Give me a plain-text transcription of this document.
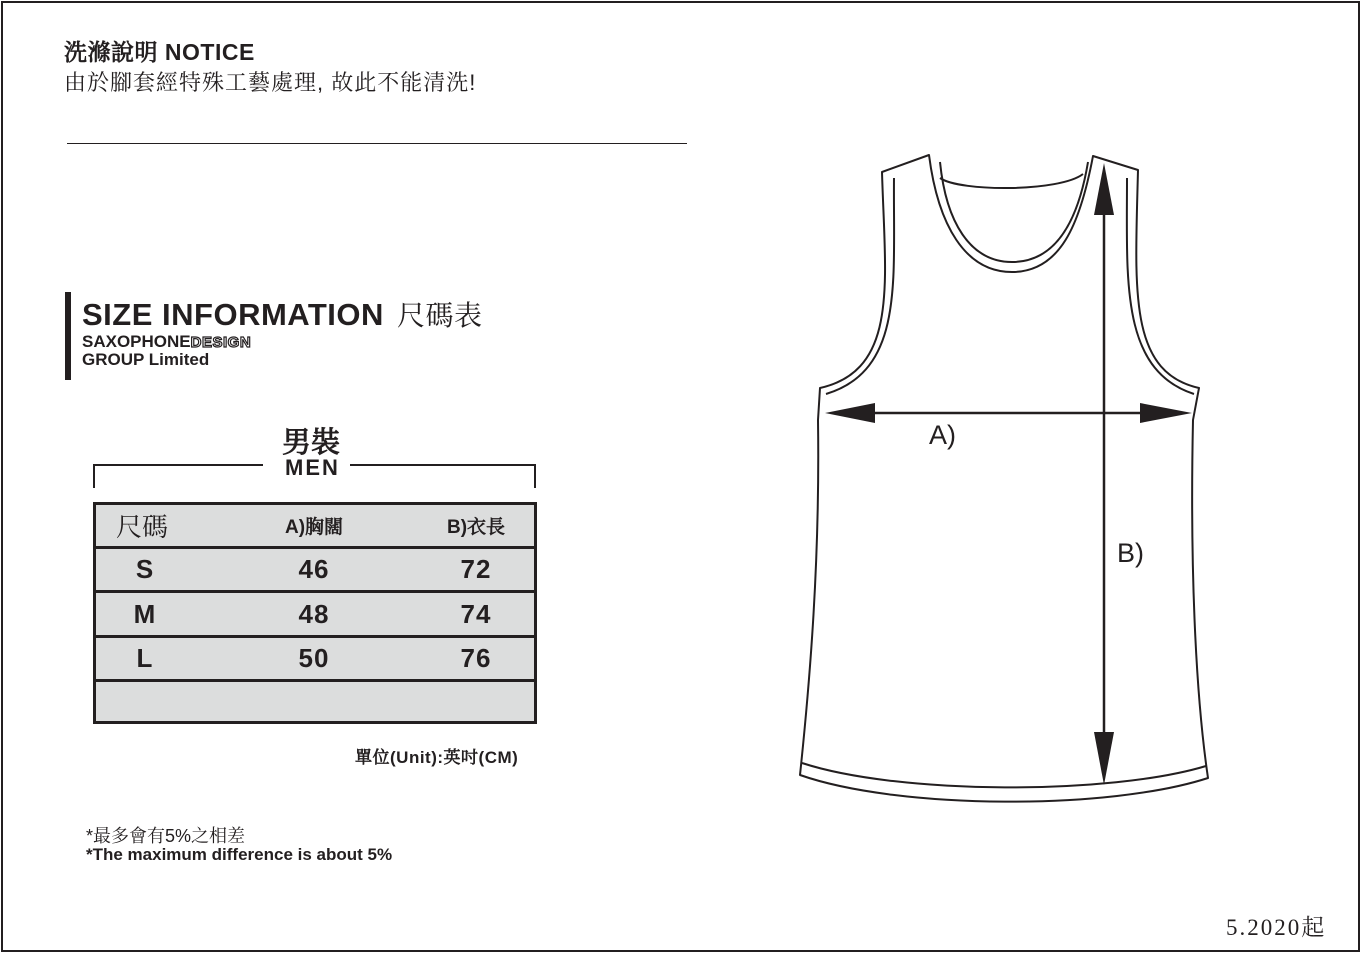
洗滌說明 NOTICE
由於腳套經特殊工藝處理, 故此不能清洗!
SIZE INFORMATION 尺碼表
SAXOPHONEDESIGN
GROUP Limited
男裝
MEN
尺碼	A)胸闊	B)衣長
S	46	72
M	48	74
L	50	76
單位(Unit):英吋(CM)
*最多會有5%之相差
*The maximum difference is about 5%
A)
B)
5.2020起
